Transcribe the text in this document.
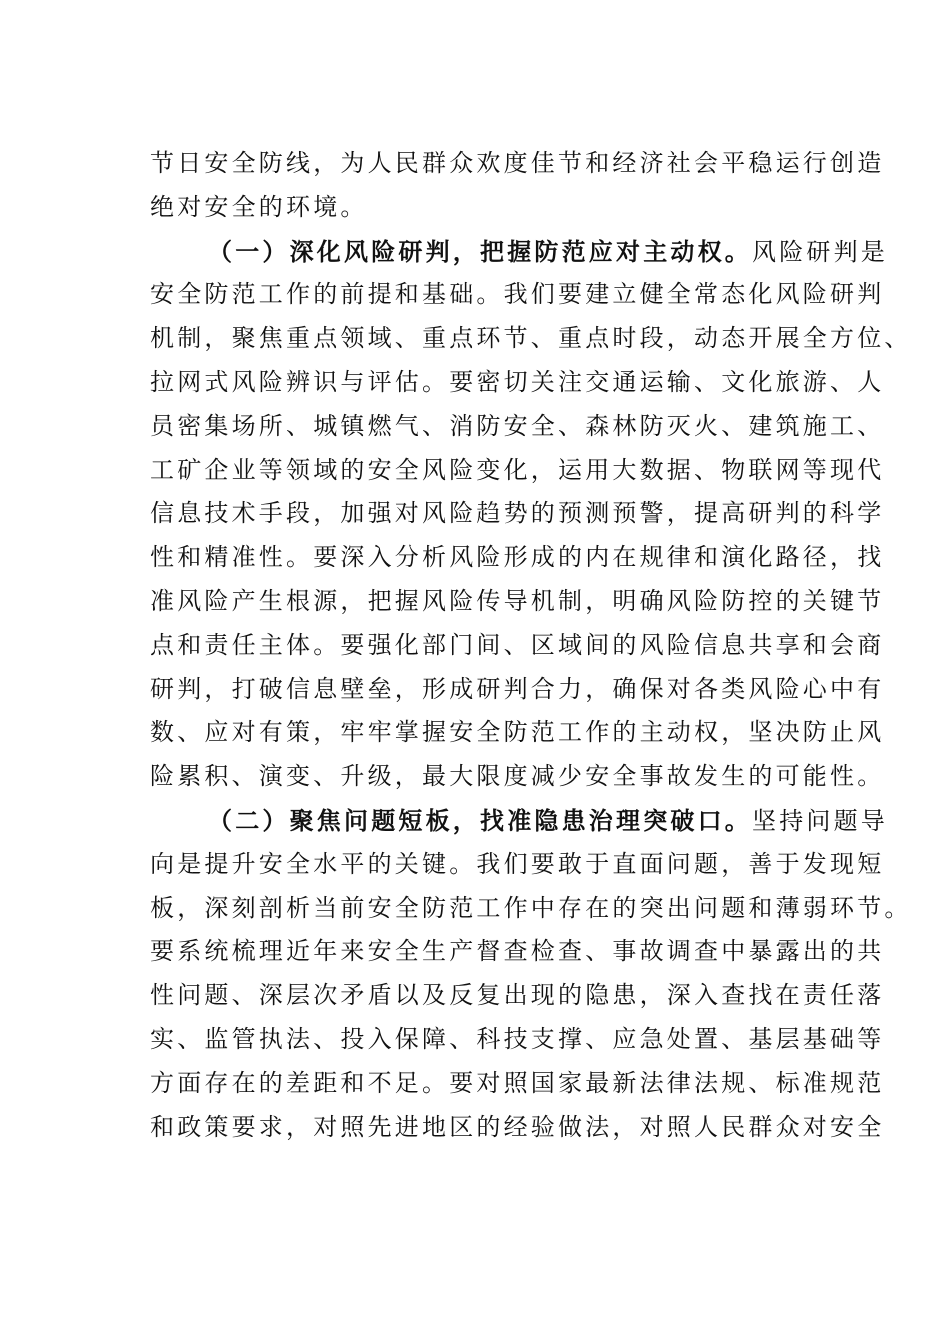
节日安全防线，为人民群众欢度佳节和经济社会平稳运行创造
绝对安全的环境。
（一）深化风险研判，把握防范应对主动权。风险研判是
安全防范工作的前提和基础。我们要建立健全常态化风险研判
机制，聚焦重点领域、重点环节、重点时段，动态开展全方位、
拉网式风险辨识与评估。要密切关注交通运输、文化旅游、人
员密集场所、城镇燃气、消防安全、森林防灭火、建筑施工、
工矿企业等领域的安全风险变化，运用大数据、物联网等现代
信息技术手段，加强对风险趋势的预测预警，提高研判的科学
性和精准性。要深入分析风险形成的内在规律和演化路径，找
准风险产生根源，把握风险传导机制，明确风险防控的关键节
点和责任主体。要强化部门间、区域间的风险信息共享和会商
研判，打破信息壁垒，形成研判合力，确保对各类风险心中有
数、应对有策，牢牢掌握安全防范工作的主动权，坚决防止风
险累积、演变、升级，最大限度减少安全事故发生的可能性。
（二）聚焦问题短板，找准隐患治理突破口。坚持问题导
向是提升安全水平的关键。我们要敢于直面问题，善于发现短
板，深刻剖析当前安全防范工作中存在的突出问题和薄弱环节。
要系统梳理近年来安全生产督查检查、事故调查中暴露出的共
性问题、深层次矛盾以及反复出现的隐患，深入查找在责任落
实、监管执法、投入保障、科技支撑、应急处置、基层基础等
方面存在的差距和不足。要对照国家最新法律法规、标准规范
和政策要求，对照先进地区的经验做法，对照人民群众对安全
